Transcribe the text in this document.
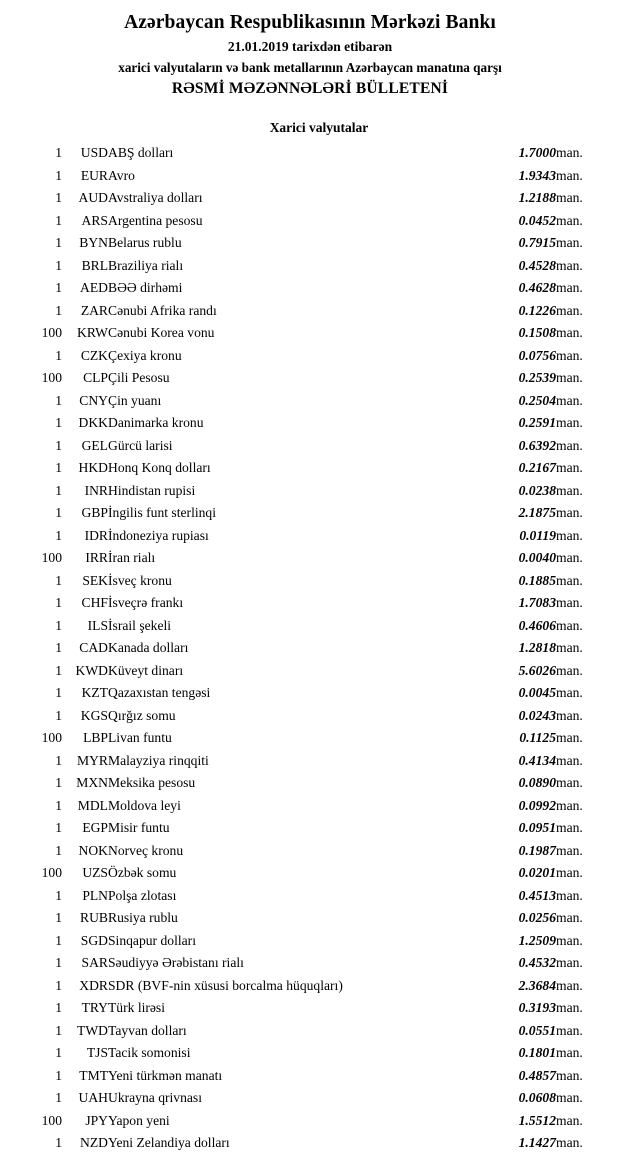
Azərbaycan Respublikasının Mərkəzi Bankı
21.01.2019 tarixdən etibarən
xarici valyutaların və bank metallarının Azərbaycan manatına qarşı
RƏSMİ MƏZƏNNƏLƏRİ BÜLLETENİ
Xarici valyutalar
1	USD	ABŞ dolları	1.7000	man.
1	EUR	Avro	1.9343	man.
1	AUD	Avstraliya dolları	1.2188	man.
1	ARS	Argentina pesosu	0.0452	man.
1	BYN	Belarus rublu	0.7915	man.
1	BRL	Braziliya rialı	0.4528	man.
1	AED	BƏƏ dirhəmi	0.4628	man.
1	ZAR	Cənubi Afrika randı	0.1226	man.
100	KRW	Cənubi Korea vonu	0.1508	man.
1	CZK	Çexiya kronu	0.0756	man.
100	CLP	Çili Pesosu	0.2539	man.
1	CNY	Çin yuanı	0.2504	man.
1	DKK	Danimarka kronu	0.2591	man.
1	GEL	Gürcü larisi	0.6392	man.
1	HKD	Honq Konq dolları	0.2167	man.
1	INR	Hindistan rupisi	0.0238	man.
1	GBP	İngilis funt sterlinqi	2.1875	man.
1	IDR	İndoneziya rupiası	0.0119	man.
100	IRR	İran rialı	0.0040	man.
1	SEK	İsveç kronu	0.1885	man.
1	CHF	İsveçrə frankı	1.7083	man.
1	ILS	İsrail şekeli	0.4606	man.
1	CAD	Kanada dolları	1.2818	man.
1	KWD	Küveyt dinarı	5.6026	man.
1	KZT	Qazaxıstan tengəsi	0.0045	man.
1	KGS	Qırğız somu	0.0243	man.
100	LBP	Livan funtu	0.1125	man.
1	MYR	Malayziya rinqqiti	0.4134	man.
1	MXN	Meksika pesosu	0.0890	man.
1	MDL	Moldova leyi	0.0992	man.
1	EGP	Misir funtu	0.0951	man.
1	NOK	Norveç kronu	0.1987	man.
100	UZS	Özbək somu	0.0201	man.
1	PLN	Polşa zlotası	0.4513	man.
1	RUB	Rusiya rublu	0.0256	man.
1	SGD	Sinqapur dolları	1.2509	man.
1	SAR	Səudiyyə Ərəbistanı rialı	0.4532	man.
1	XDR	SDR (BVF-nin xüsusi borcalma hüquqları)	2.3684	man.
1	TRY	Türk lirəsi	0.3193	man.
1	TWD	Tayvan dolları	0.0551	man.
1	TJS	Tacik somonisi	0.1801	man.
1	TMT	Yeni türkmən manatı	0.4857	man.
1	UAH	Ukrayna qrivnası	0.0608	man.
100	JPY	Yapon yeni	1.5512	man.
1	NZD	Yeni Zelandiya dolları	1.1427	man.
